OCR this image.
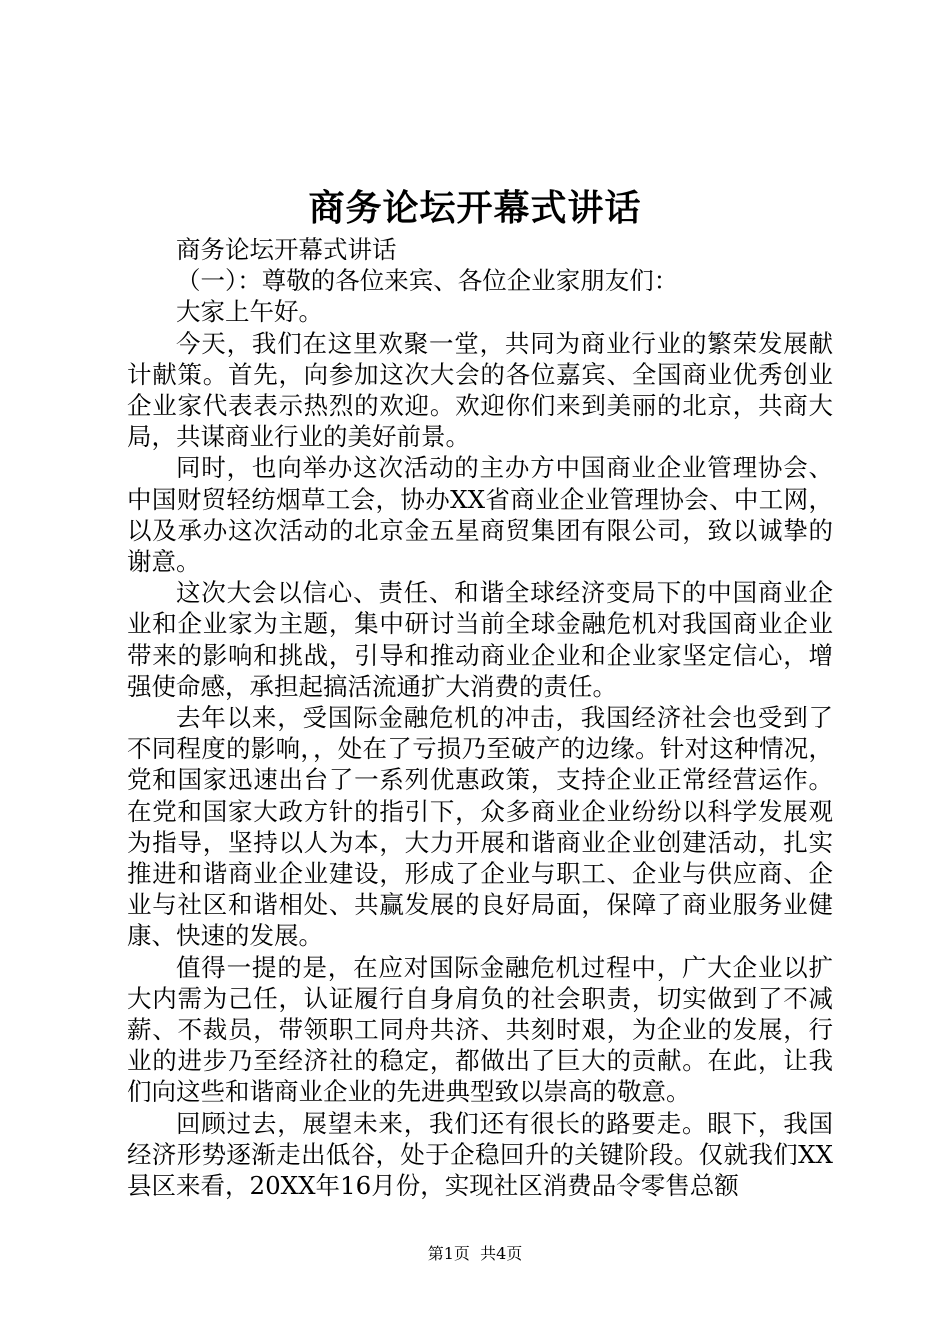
商务论坛开幕式讲话

商务论坛开幕式讲话

（一）：尊敬的各位来宾、各位企业家朋友们：

大家上午好。

今天，我们在这里欢聚一堂，共同为商业行业的繁荣发展献计献策。首先，向参加这次大会的各位嘉宾、全国商业优秀创业企业家代表表示热烈的欢迎。欢迎你们来到美丽的北京，共商大局，共谋商业行业的美好前景。

同时，也向举办这次活动的主办方中国商业企业管理协会、中国财贸轻纺烟草工会，协办XX省商业企业管理协会、中工网，以及承办这次活动的北京金五星商贸集团有限公司，致以诚挚的谢意。

这次大会以信心、责任、和谐全球经济变局下的中国商业企业和企业家为主题，集中研讨当前全球金融危机对我国商业企业带来的影响和挑战，引导和推动商业企业和企业家坚定信心，增强使命感，承担起搞活流通扩大消费的责任。

去年以来，受国际金融危机的冲击，我国经济社会也受到了不同程度的影响，，处在了亏损乃至破产的边缘。针对这种情况，党和国家迅速出台了一系列优惠政策，支持企业正常经营运作。在党和国家大政方针的指引下，众多商业企业纷纷以科学发展观为指导，坚持以人为本，大力开展和谐商业企业创建活动，扎实推进和谐商业企业建设，形成了企业与职工、企业与供应商、企业与社区和谐相处、共赢发展的良好局面，保障了商业服务业健康、快速的发展。

值得一提的是，在应对国际金融危机过程中，广大企业以扩大内需为己任，认证履行自身肩负的社会职责，切实做到了不减薪、不裁员，带领职工同舟共济、共刻时艰，为企业的发展，行业的进步乃至经济社的稳定，都做出了巨大的贡献。在此，让我们向这些和谐商业企业的先进典型致以崇高的敬意。

回顾过去，展望未来，我们还有很长的路要走。眼下，我国经济形势逐渐走出低谷，处于企稳回升的关键阶段。仅就我们XX县区来看，20XX年16月份，实现社区消费品令零售总额

第1页  共4页
